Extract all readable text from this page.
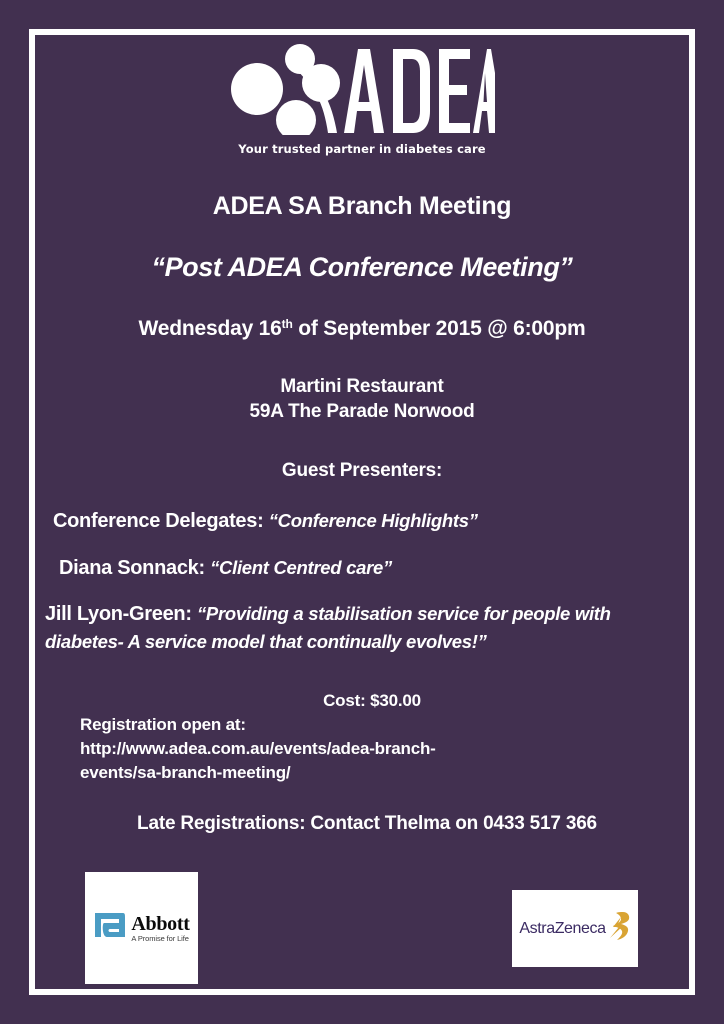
Your trusted partner in diabetes care
ADEA SA Branch Meeting
“Post ADEA Conference Meeting”
Wednesday 16th of September 2015 @ 6:00pm
Martini Restaurant
59A The Parade Norwood
Guest Presenters:
Conference Delegates: “Conference Highlights”
Diana Sonnack: “Client Centred care”
Jill Lyon-Green: “Providing a stabilisation service for people with diabetes- A service model that continually evolves!”
Cost: $30.00
Registration open at:
http://www.adea.com.au/events/adea-branch-
events/sa-branch-meeting/
Late Registrations: Contact Thelma on 0433 517 366
Abbott
A Promise for Life
AstraZeneca
